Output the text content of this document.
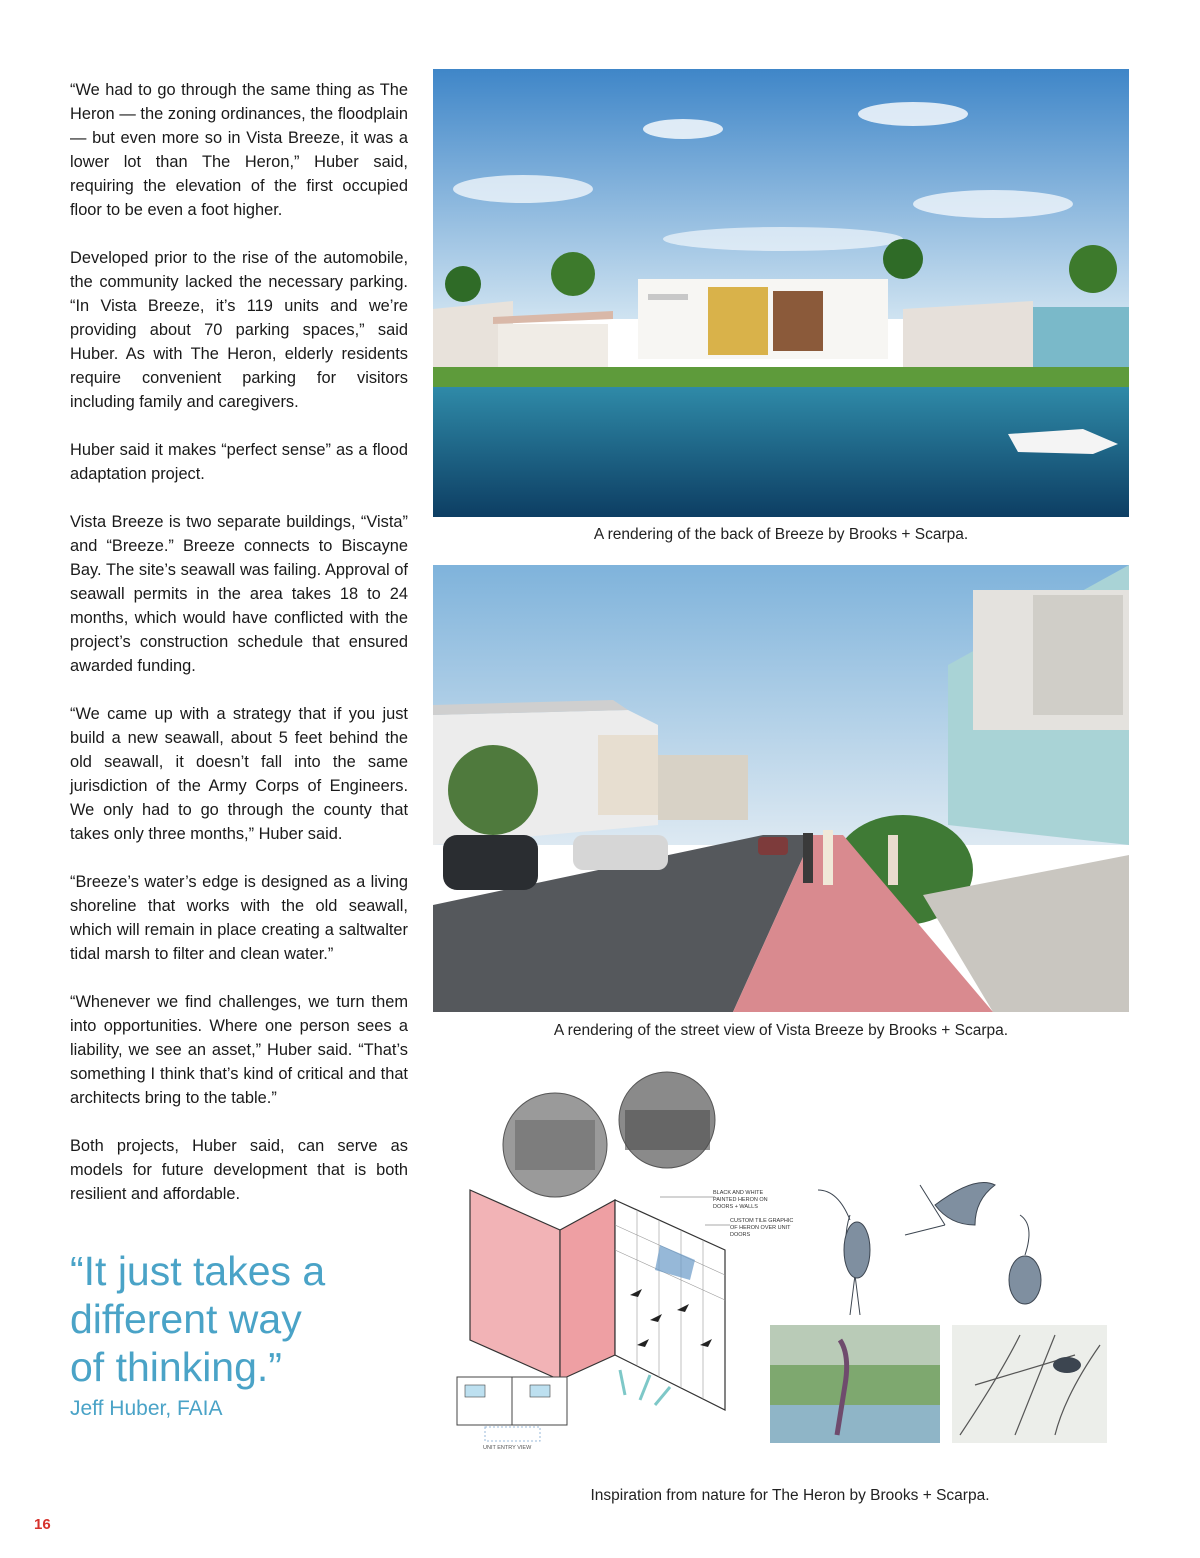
“We had to go through the same thing as The Heron — the zoning ordinances, the floodplain — but even more so in Vista Breeze, it was a lower lot than The Heron,” Huber said, requiring the elevation of the first occupied floor to be even a foot higher.

Developed prior to the rise of the automobile, the community lacked the necessary parking. “In Vista Breeze, it’s 119 units and we’re providing about 70 parking spaces,” said Huber. As with The Heron, elderly residents require convenient parking for visitors including family and caregivers.

Huber said it makes “perfect sense” as a flood adaptation project.

Vista Breeze is two separate buildings, “Vista” and “Breeze.” Breeze connects to Biscayne Bay. The site’s seawall was failing. Approval of seawall permits in the area takes 18 to 24 months, which would have conflicted with the project’s construction schedule that ensured awarded funding.

“We came up with a strategy that if you just build a new seawall, about 5 feet behind the old seawall, it doesn’t fall into the same jurisdiction of the Army Corps of Engineers. We only had to go through the county that takes only three months,” Huber said.

“Breeze’s water’s edge is designed as a living shoreline that works with the old seawall, which will remain in place creating a saltwalter tidal marsh to filter and clean water.”

“Whenever we find challenges, we turn them into opportunities. Where one person sees a liability, we see an asset,” Huber said. “That’s something I think that’s kind of critical and that architects bring to the table.”

Both projects, Huber said, can serve as models for future development that is both resilient and affordable.

“It just takes a
different way
of thinking.”
Jeff Huber, FAIA
16
A rendering of the back of Breeze by Brooks + Scarpa.
A rendering of the street view of Vista Breeze by Brooks + Scarpa.
BLACK AND WHITE PAINTED HERON ON DOORS + WALLS
CUSTOM TILE GRAPHIC OF HERON OVER UNIT DOORS
UNIT ENTRY VIEW
Inspiration from nature for The Heron by Brooks + Scarpa.
